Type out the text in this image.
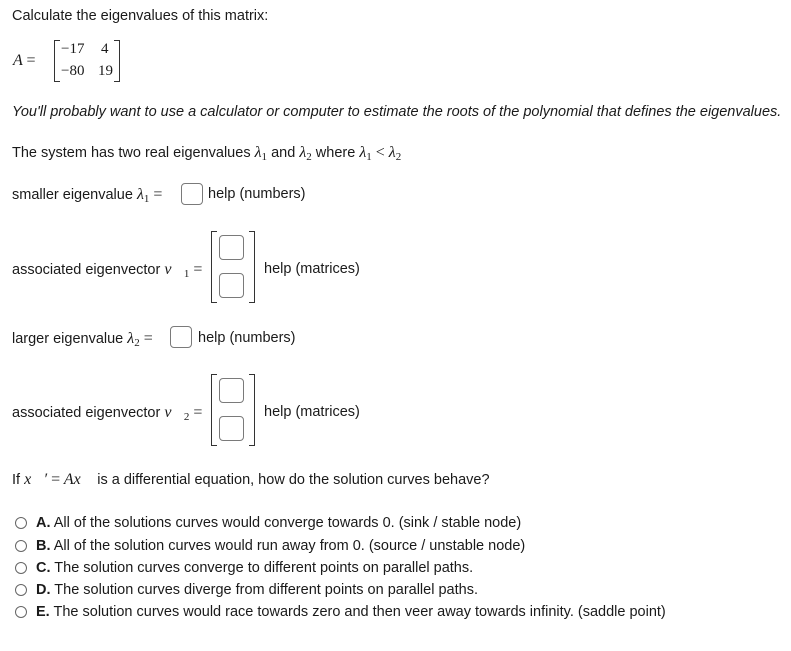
Calculate the eigenvalues of this matrix:
A =
−17 4
−80 19
You'll probably want to use a calculator or computer to estimate the roots of the polynomial that defines the eigenvalues.
The system has two real eigenvalues $\lambda_1$ and $\lambda_2$ where $\lambda_1 < \lambda_2$
smaller eigenvalue $\lambda_1$ =	help (numbers)
associated eigenvector $v⃗_1$ =	help (matrices)
larger eigenvalue $\lambda_2$ =	help (numbers)
associated eigenvector $v⃗_2$ =	help (matrices)
If x⃗′ = Ax⃗ is a differential equation, how do the solution curves behave?
A. All of the solutions curves would converge towards 0. (sink / stable node)
B. All of the solution curves would run away from 0. (source / unstable node)
C. The solution curves converge to different points on parallel paths.
D. The solution curves diverge from different points on parallel paths.
E. The solution curves would race towards zero and then veer away towards infinity. (saddle point)
